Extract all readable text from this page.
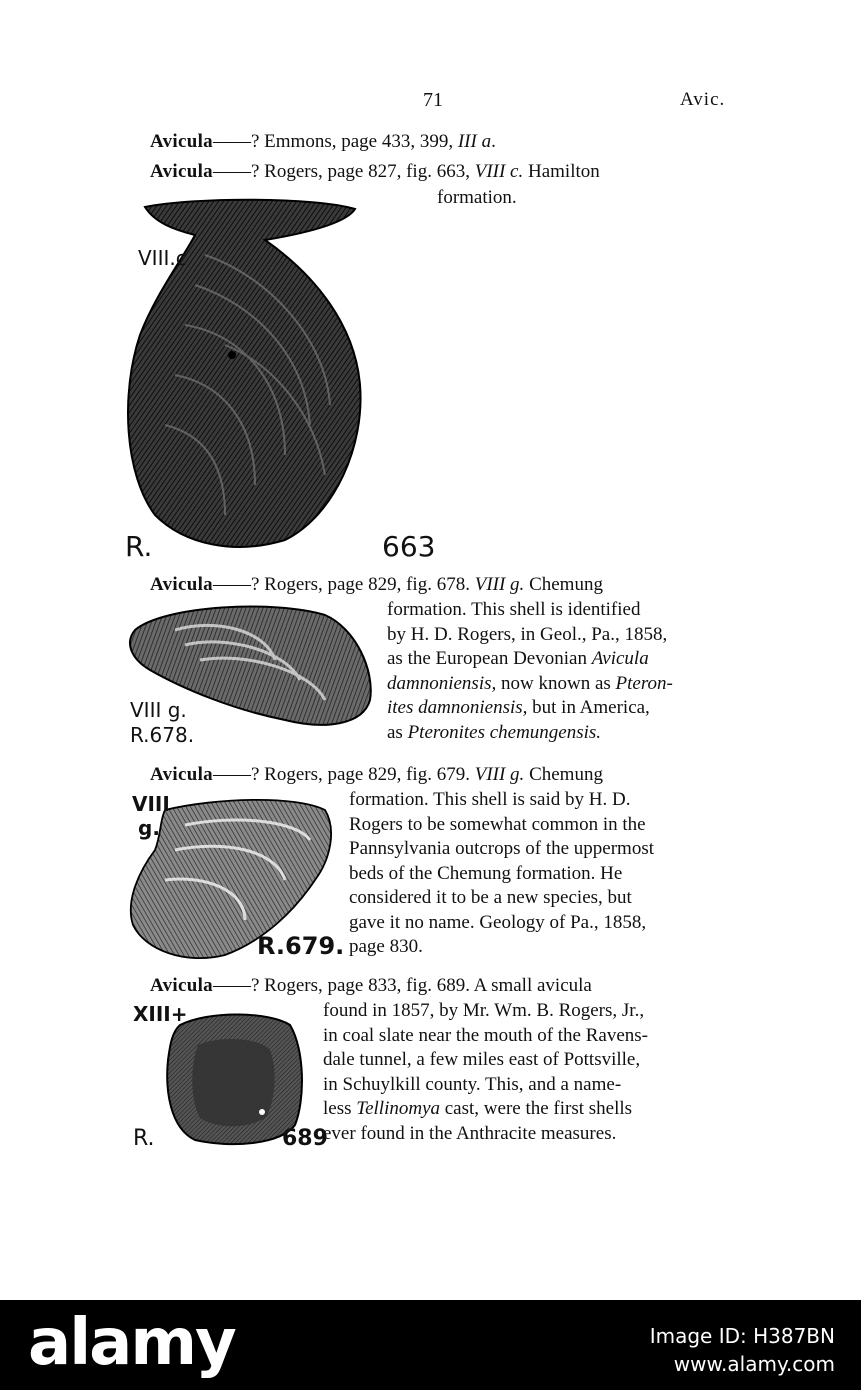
71	Avic.
Avicula——? Emmons, page 433, 399, III a.
Avicula——? Rogers, page 827, fig. 663, VIII c. Hamilton
formation.
VIII.c
R.	663
Avicula——? Rogers, page 829, fig. 678. VIII g. Chemung
formation. This shell is identified
by H. D. Rogers, in Geol., Pa., 1858,
as the European Devonian Avicula
damnoniensis, now known as Pteron-
ites damnoniensis, but in America,
as Pteronites chemungensis.
VIII g.
R.678.
Avicula——? Rogers, page 829, fig. 679. VIII g. Chemung
formation. This shell is said by H. D.
Rogers to be somewhat common in the
Pannsylvania outcrops of the uppermost
beds of the Chemung formation. He
considered it to be a new species, but
gave it no name. Geology of Pa., 1858,
page 830.
VIII
g.
R.679.
Avicula——? Rogers, page 833, fig. 689. A small avicula
found in 1857, by Mr. Wm. B. Rogers, Jr.,
in coal slate near the mouth of the Ravens-
dale tunnel, a few miles east of Pottsville,
in Schuylkill county. This, and a name-
less Tellinomya cast, were the first shells
ever found in the Anthracite measures.
XIII+
R.	689
alamy	Image ID: H387BN
www.alamy.com
